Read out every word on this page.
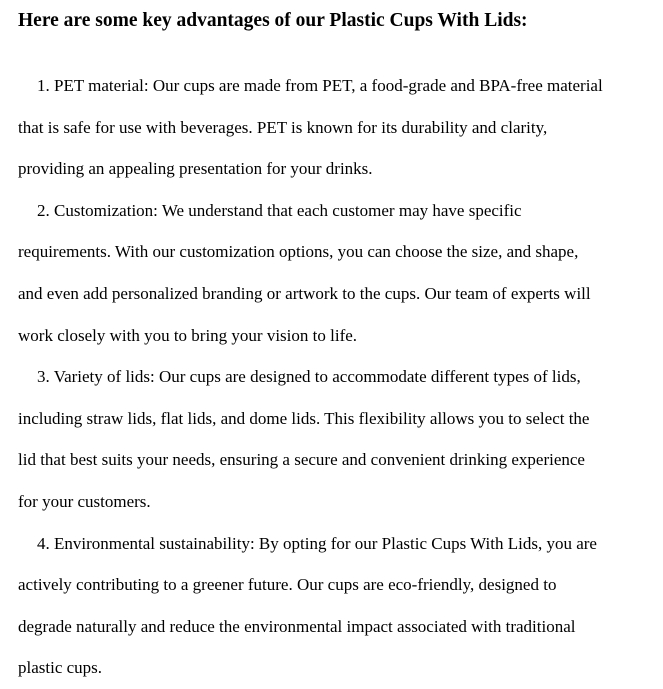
Here are some key advantages of our Plastic Cups With Lids:
1. PET material: Our cups are made from PET, a food-grade and BPA-free material
that is safe for use with beverages. PET is known for its durability and clarity,
providing an appealing presentation for your drinks.
2. Customization: We understand that each customer may have specific
requirements. With our customization options, you can choose the size, and shape,
and even add personalized branding or artwork to the cups. Our team of experts will
work closely with you to bring your vision to life.
3. Variety of lids: Our cups are designed to accommodate different types of lids,
including straw lids, flat lids, and dome lids. This flexibility allows you to select the
lid that best suits your needs, ensuring a secure and convenient drinking experience
for your customers.
4. Environmental sustainability: By opting for our Plastic Cups With Lids, you are
actively contributing to a greener future. Our cups are eco-friendly, designed to
degrade naturally and reduce the environmental impact associated with traditional
plastic cups.
